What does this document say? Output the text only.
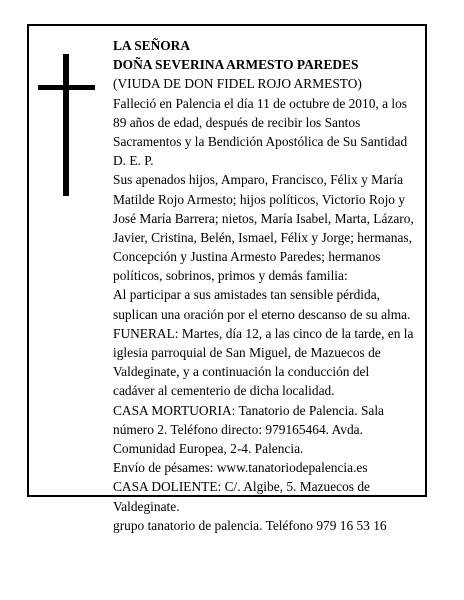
LA SEÑORA
DOÑA SEVERINA ARMESTO PAREDES
(VIUDA DE DON FIDEL ROJO ARMESTO)
Falleció en Palencia el día 11 de octubre de 2010, a los
89 años de edad, después de recibir los Santos
Sacramentos y la Bendición Apostólica de Su Santidad
D. E. P.
Sus apenados hijos, Amparo, Francisco, Félix y María
Matilde Rojo Armesto; hijos políticos, Victorio Rojo y
José María Barrera; nietos, María Isabel, Marta, Lázaro,
Javier, Cristina, Belén, Ismael, Félix y Jorge; hermanas,
Concepción y Justina Armesto Paredes; hermanos
políticos, sobrinos, primos y demás familia:
Al participar a sus amistades tan sensible pérdida,
suplican una oración por el eterno descanso de su alma.
FUNERAL: Martes, día 12, a las cinco de la tarde, en la
iglesia parroquial de San Miguel, de Mazuecos de
Valdeginate, y a continuación la conducción del
cadáver al cementerio de dicha localidad.
CASA MORTUORIA: Tanatorio de Palencia. Sala
número 2. Teléfono directo: 979165464. Avda.
Comunidad Europea, 2-4. Palencia.
Envío de pésames: www.tanatoriodepalencia.es
CASA DOLIENTE: C/. Algibe, 5. Mazuecos de
Valdeginate.
grupo tanatorio de palencia. Teléfono 979 16 53 16
